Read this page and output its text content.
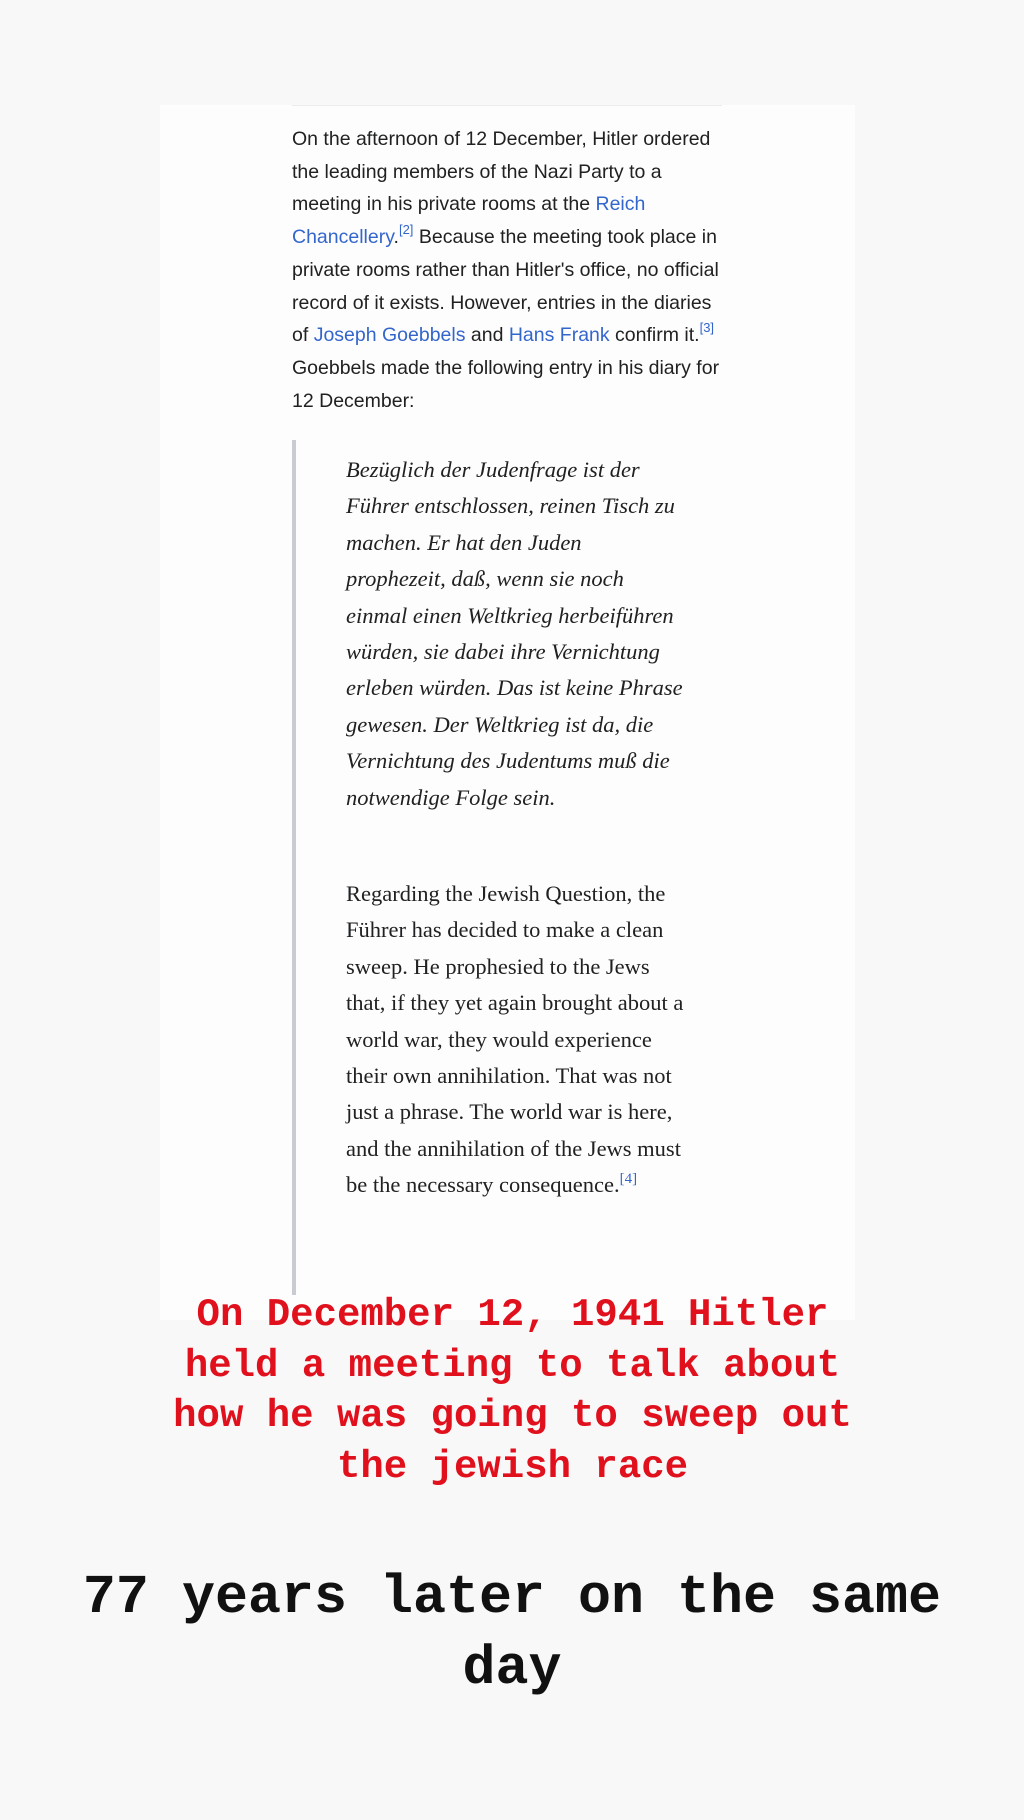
On the afternoon of 12 December, Hitler ordered the leading members of the Nazi Party to a meeting in his private rooms at the Reich Chancellery.[2] Because the meeting took place in private rooms rather than Hitler's office, no official record of it exists. However, entries in the diaries of Joseph Goebbels and Hans Frank confirm it.[3] Goebbels made the following entry in his diary for 12 December:

Bezüglich der Judenfrage ist der Führer entschlossen, reinen Tisch zu machen. Er hat den Juden prophezeit, daß, wenn sie noch einmal einen Weltkrieg herbeiführen würden, sie dabei ihre Vernichtung erleben würden. Das ist keine Phrase gewesen. Der Weltkrieg ist da, die Vernichtung des Judentums muß die notwendige Folge sein.

Regarding the Jewish Question, the Führer has decided to make a clean sweep. He prophesied to the Jews that, if they yet again brought about a world war, they would experience their own annihilation. That was not just a phrase. The world war is here, and the annihilation of the Jews must be the necessary consequence.[4]

On December 12, 1941 Hitler held a meeting to talk about how he was going to sweep out the jewish race

77 years later on the same day
